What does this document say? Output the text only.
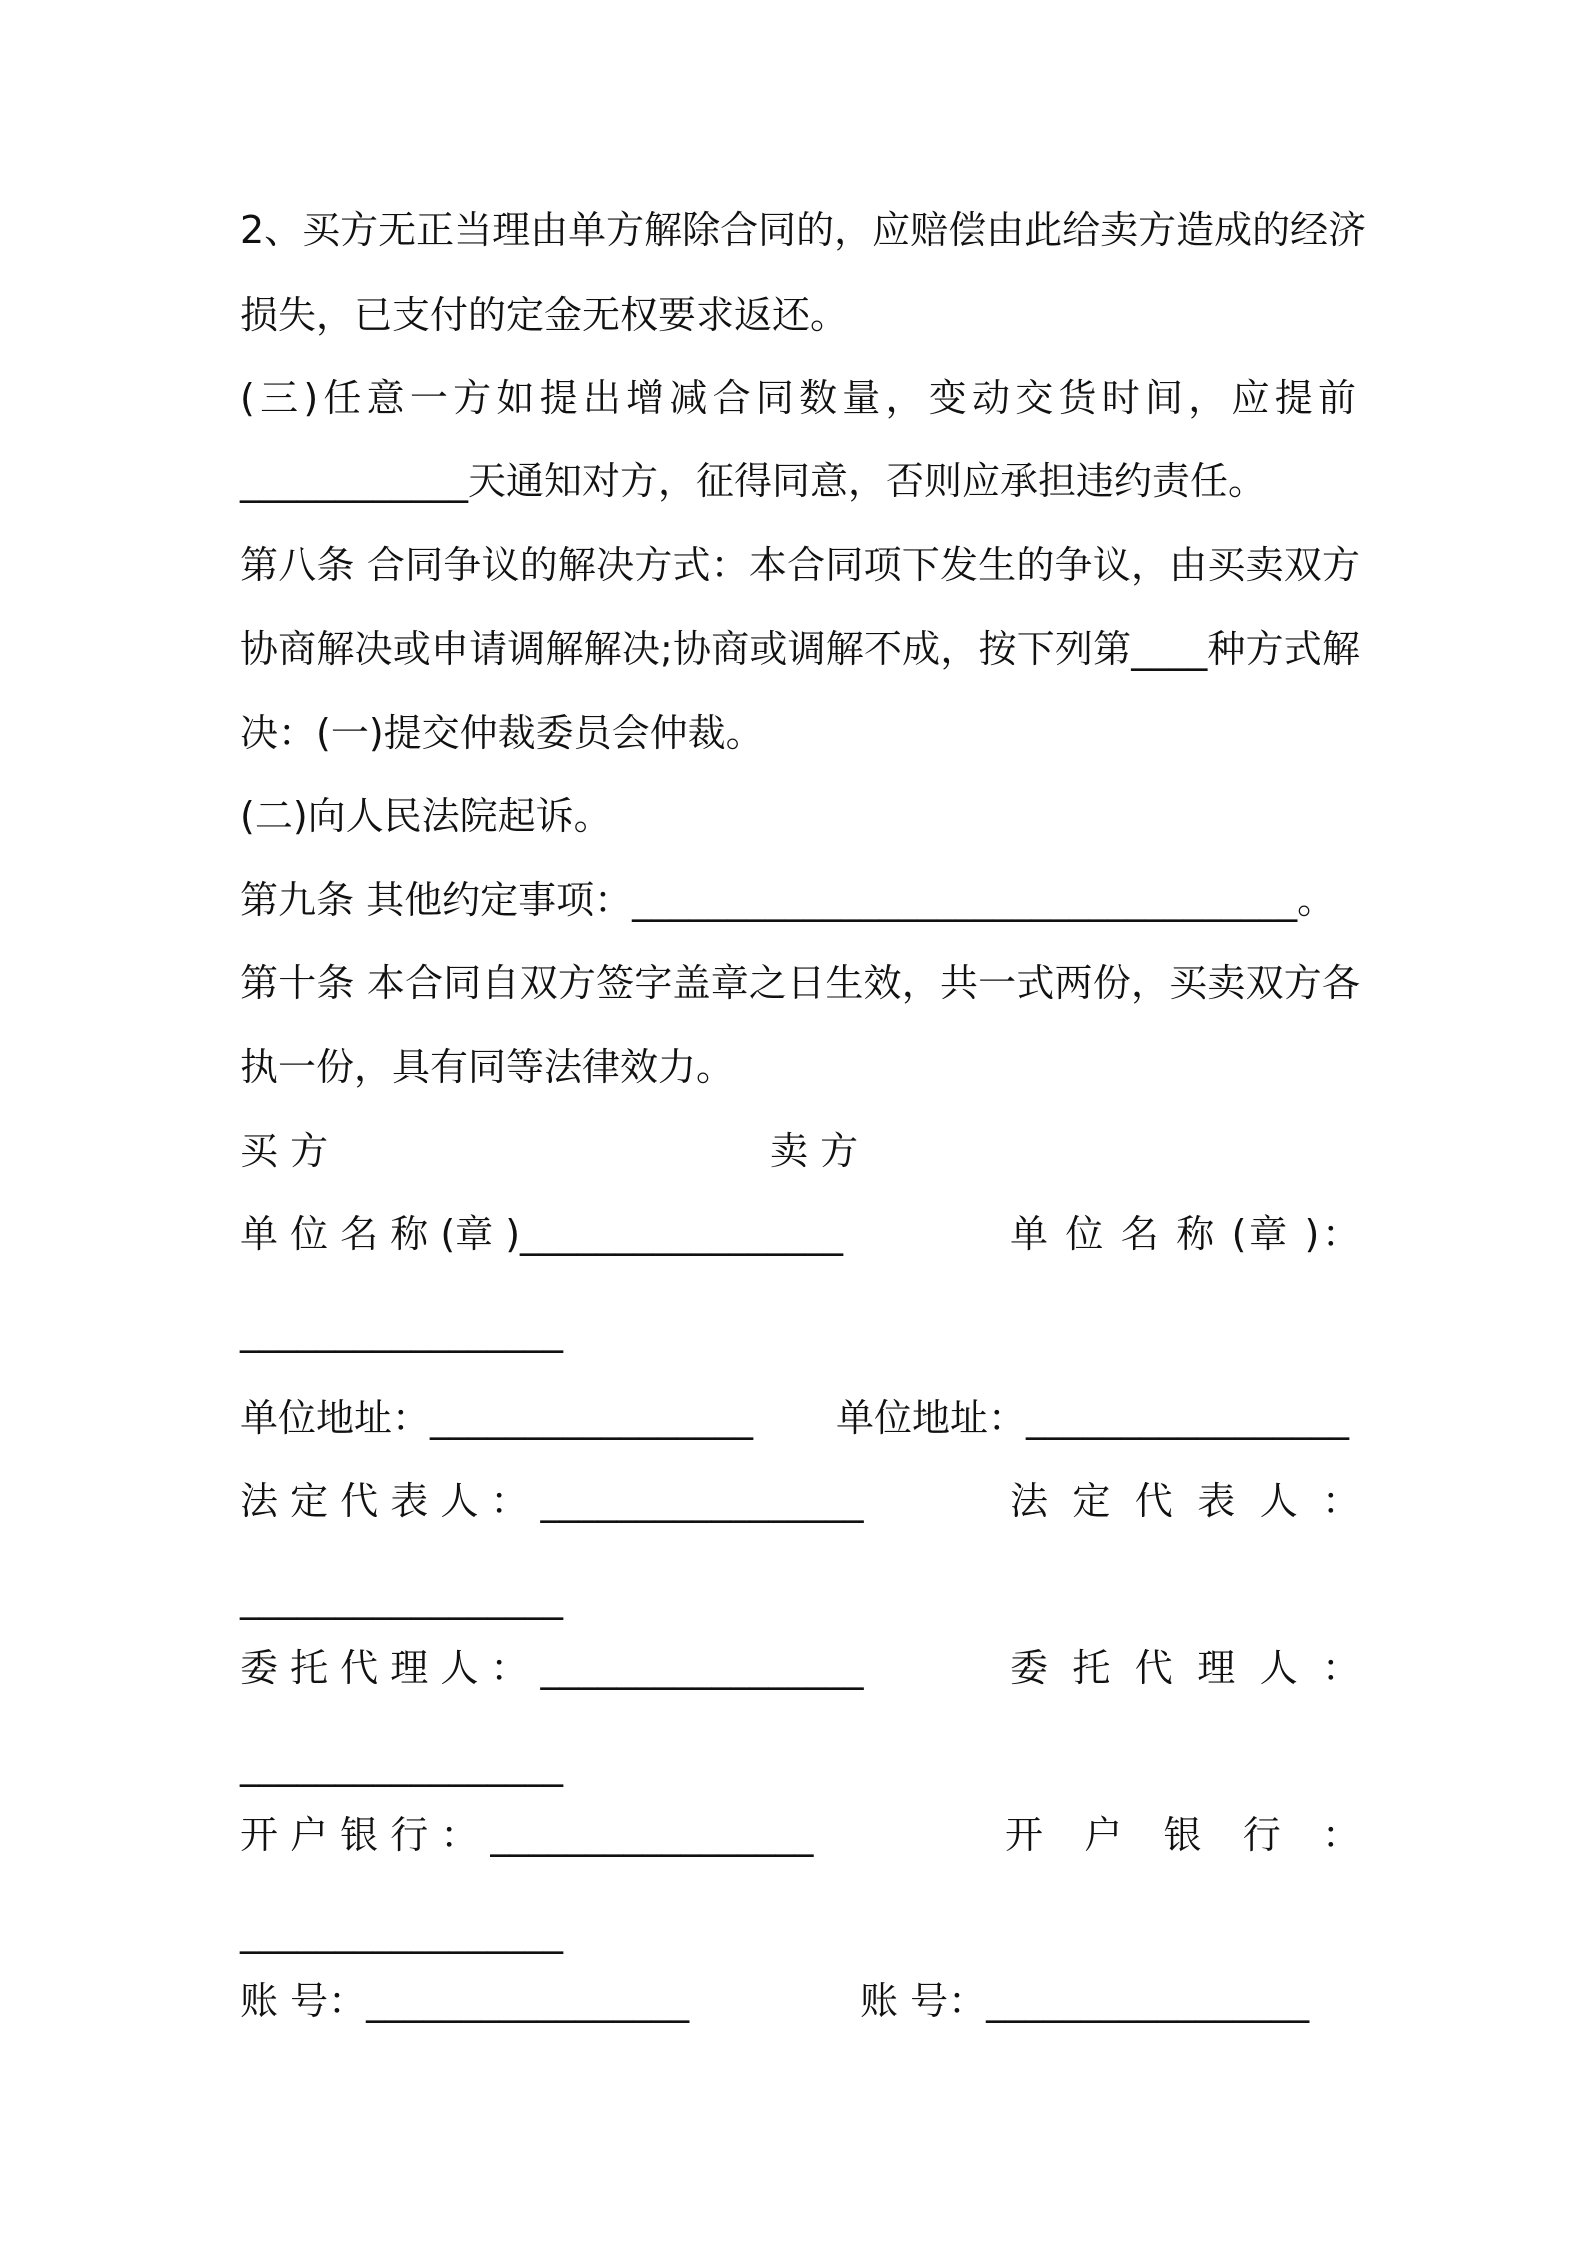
2、买方无正当理由单方解除合同的，应赔偿由此给卖方造成的经济
损失，已支付的定金无权要求返还。
(三)任意一方如提出增减合同数量，变动交货时间，应提前
____________天通知对方，征得同意，否则应承担违约责任。
第八条 合同争议的解决方式：本合同项下发生的争议，由买卖双方
协商解决或申请调解解决;协商或调解不成，按下列第____种方式解
决：(一)提交仲裁委员会仲裁。
(二)向人民法院起诉。
第九条 其他约定事项：___________________________________。
第十条 本合同自双方签字盖章之日生效，共一式两份，买卖双方各
执一份，具有同等法律效力。
买 方	卖 方
单 位 名 称 (章 )_________________	单 位 名 称 (章 )：
_________________
单位地址：_________________	单位地址：_________________
法 定 代 表 人 ： _________________	法 定 代 表 人 ：
_________________
委 托 代 理 人 ： _________________	委 托 代 理 人 ：
_________________
开 户 银 行 ： _________________	开 户 银 行 ：
_________________
账 号：_________________	账 号：_________________
